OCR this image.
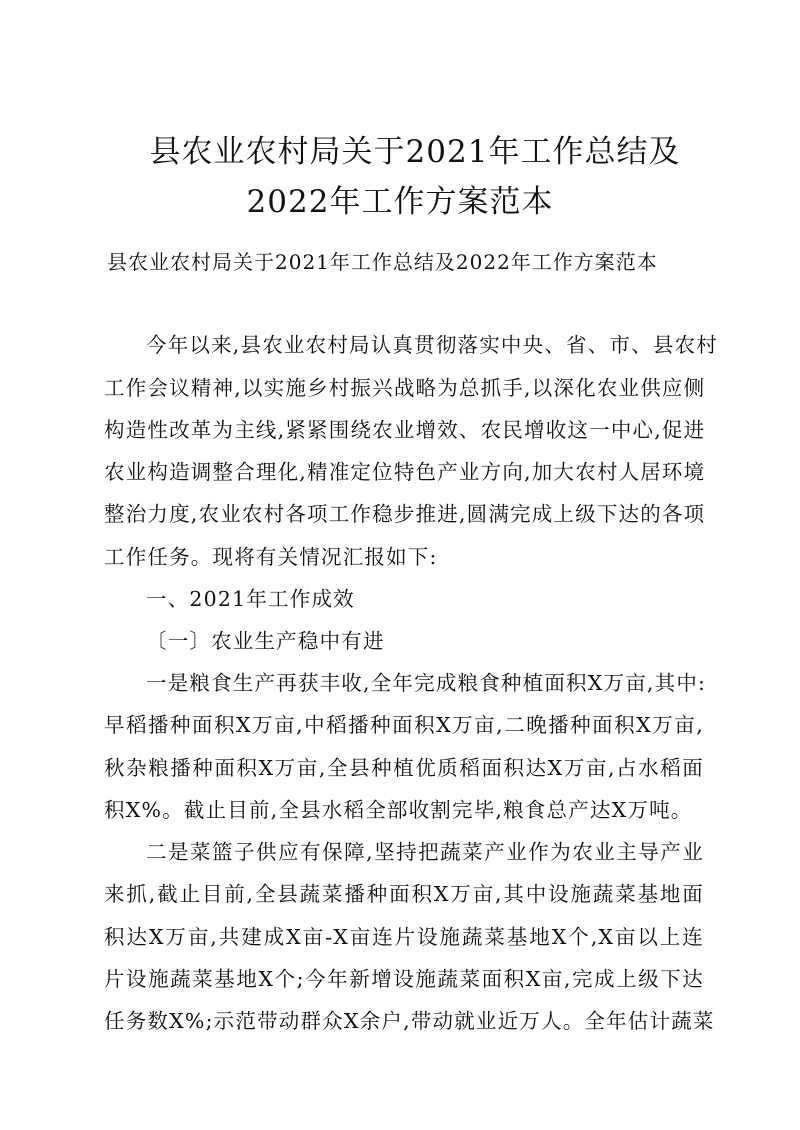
县农业农村局关于2021年工作总结及
2022年工作方案范本
县农业农村局关于2021年工作总结及2022年工作方案范本
今年以来,县农业农村局认真贯彻落实中央、省、市、县农村
工作会议精神,以实施乡村振兴战略为总抓手,以深化农业供应侧
构造性改革为主线,紧紧围绕农业增效、农民增收这一中心,促进
农业构造调整合理化,精准定位特色产业方向,加大农村人居环境
整治力度,农业农村各项工作稳步推进,圆满完成上级下达的各项
工作任务。现将有关情况汇报如下:
一、2021年工作成效
〔一〕农业生产稳中有进
一是粮食生产再获丰收,全年完成粮食种植面积X万亩,其中:
早稻播种面积X万亩,中稻播种面积X万亩,二晚播种面积X万亩,
秋杂粮播种面积X万亩,全县种植优质稻面积达X万亩,占水稻面
积X%。截止目前,全县水稻全部收割完毕,粮食总产达X万吨。
二是菜篮子供应有保障,坚持把蔬菜产业作为农业主导产业
来抓,截止目前,全县蔬菜播种面积X万亩,其中设施蔬菜基地面
积达X万亩,共建成X亩-X亩连片设施蔬菜基地X个,X亩以上连
片设施蔬菜基地X个;今年新增设施蔬菜面积X亩,完成上级下达
任务数X%;示范带动群众X余户,带动就业近万人。全年估计蔬菜
